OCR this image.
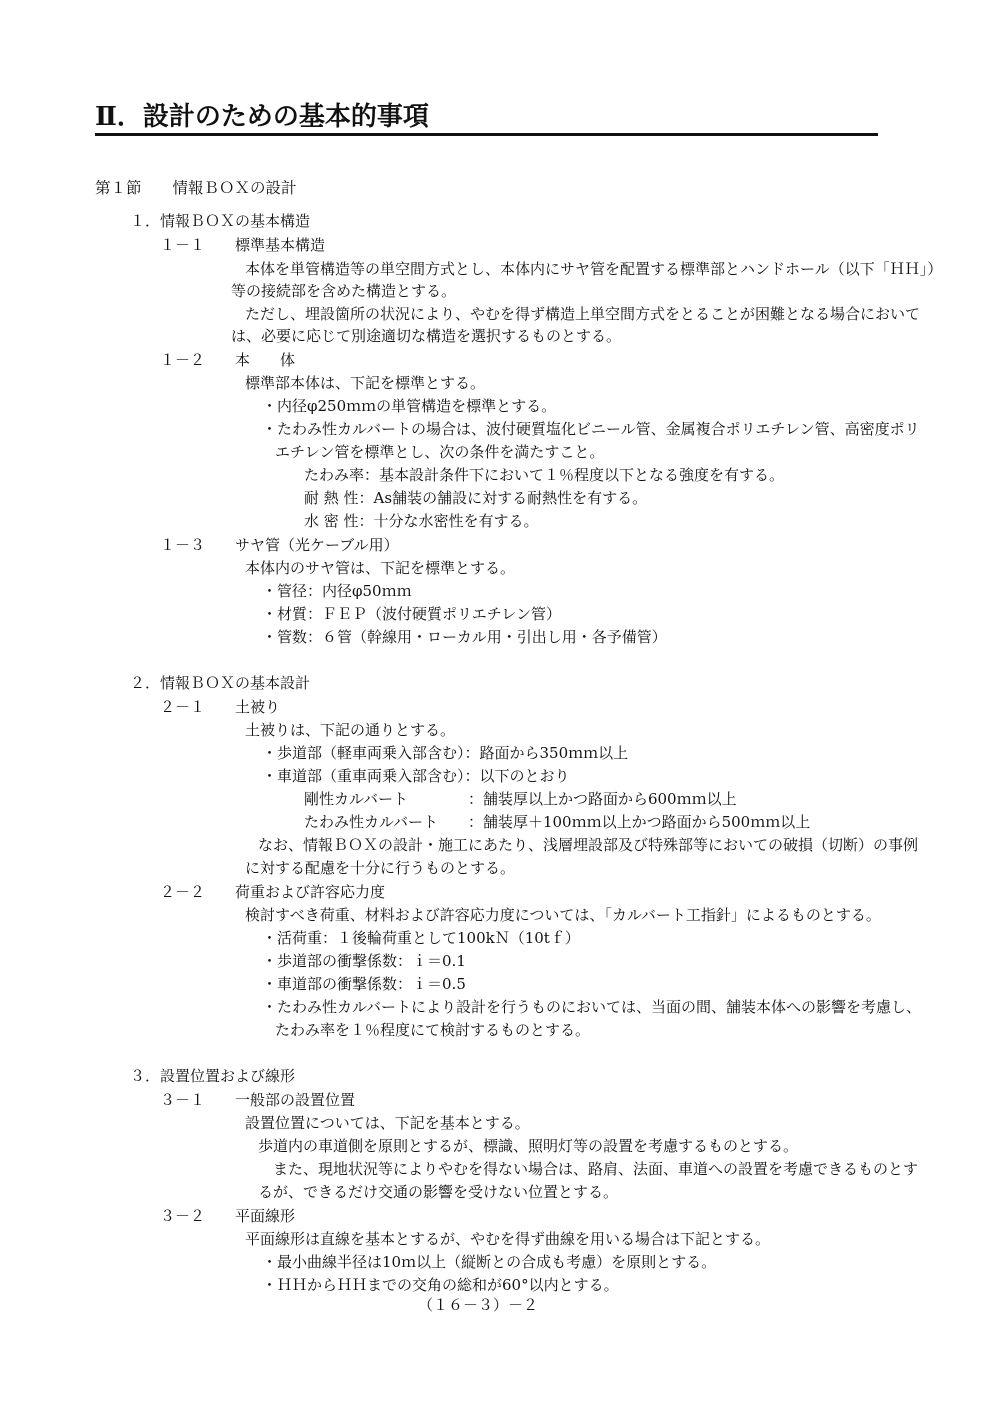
Ⅱ．設計のための基本的事項
第１節　　情報ＢＯＸの設計
１．情報ＢＯＸの基本構造
１－１　　標準基本構造
本体を単管構造等の単空間方式とし、本体内にサヤ管を配置する標準部とハンドホール（以下「ＨＨ」）
等の接続部を含めた構造とする。
ただし、埋設箇所の状況により、やむを得ず構造上単空間方式をとることが困難となる場合において
は、必要に応じて別途適切な構造を選択するものとする。
１－２　　本　　体
標準部本体は、下記を標準とする。
・内径φ250ｍｍの単管構造を標準とする。
・たわみ性カルバートの場合は、波付硬質塩化ビニール管、金属複合ポリエチレン管、高密度ポリ
エチレン管を標準とし、次の条件を満たすこと。
たわみ率：基本設計条件下において１％程度以下となる強度を有する。
耐 熱 性：As舗装の舗設に対する耐熱性を有する。
水 密 性：十分な水密性を有する。
１－３　　サヤ管（光ケーブル用）
本体内のサヤ管は、下記を標準とする。
・管径：内径φ50ｍｍ
・材質：ＦＥＰ（波付硬質ポリエチレン管）
・管数：６管（幹線用・ローカル用・引出し用・各予備管）
２．情報ＢＯＸの基本設計
２－１　　土被り
土被りは、下記の通りとする。
・歩道部（軽車両乗入部含む）：路面から350ｍｍ以上
・車道部（重車両乗入部含む）：以下のとおり
剛性カルバート　　　　：舗装厚以上かつ路面から600ｍｍ以上
たわみ性カルバート　　：舗装厚＋100ｍｍ以上かつ路面から500ｍｍ以上
なお、情報ＢＯＸの設計・施工にあたり、浅層埋設部及び特殊部等においての破損（切断）の事例
に対する配慮を十分に行うものとする。
２－２　　荷重および許容応力度
検討すべき荷重、材料および許容応力度については、「カルバート工指針」によるものとする。
・活荷重：１後輪荷重として100kＮ（10tｆ）
・歩道部の衝撃係数：ｉ＝0.1
・車道部の衝撃係数：ｉ＝0.5
・たわみ性カルバートにより設計を行うものにおいては、当面の間、舗装本体への影響を考慮し、
たわみ率を１％程度にて検討するものとする。
３．設置位置および線形
３－１　　一般部の設置位置
設置位置については、下記を基本とする。
歩道内の車道側を原則とするが、標識、照明灯等の設置を考慮するものとする。
また、現地状況等によりやむを得ない場合は、路肩、法面、車道への設置を考慮できるものとす
るが、できるだけ交通の影響を受けない位置とする。
３－２　　平面線形
平面線形は直線を基本とするが、やむを得ず曲線を用いる場合は下記とする。
・最小曲線半径は10ｍ以上（縦断との合成も考慮）を原則とする。
・ＨＨからＨＨまでの交角の総和が60°以内とする。
（１６－３）－２
